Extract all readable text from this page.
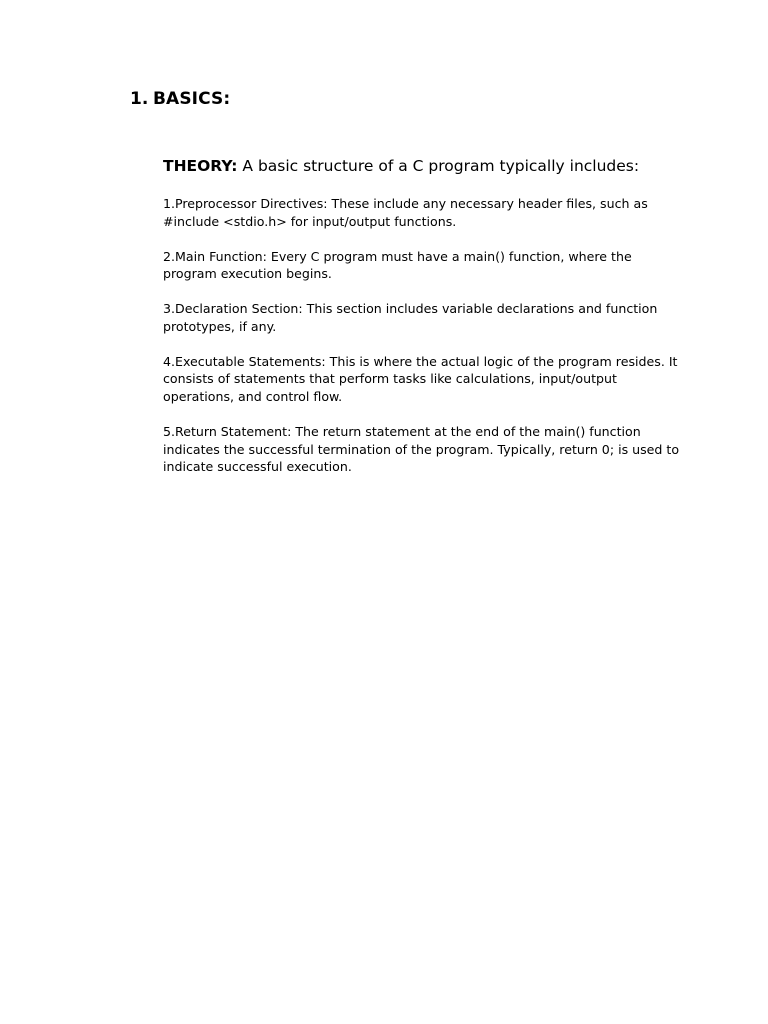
1. BASICS:
THEORY: A basic structure of a C program typically includes:

1.Preprocessor Directives: These include any necessary header files, such as #include <stdio.h> for input/output functions.

2.Main Function: Every C program must have a main() function, where the program execution begins.

3.Declaration Section: This section includes variable declarations and function prototypes, if any.

4.Executable Statements: This is where the actual logic of the program resides. It consists of statements that perform tasks like calculations, input/output operations, and control flow.

5.Return Statement: The return statement at the end of the main() function indicates the successful termination of the program. Typically, return 0; is used to indicate successful execution.
